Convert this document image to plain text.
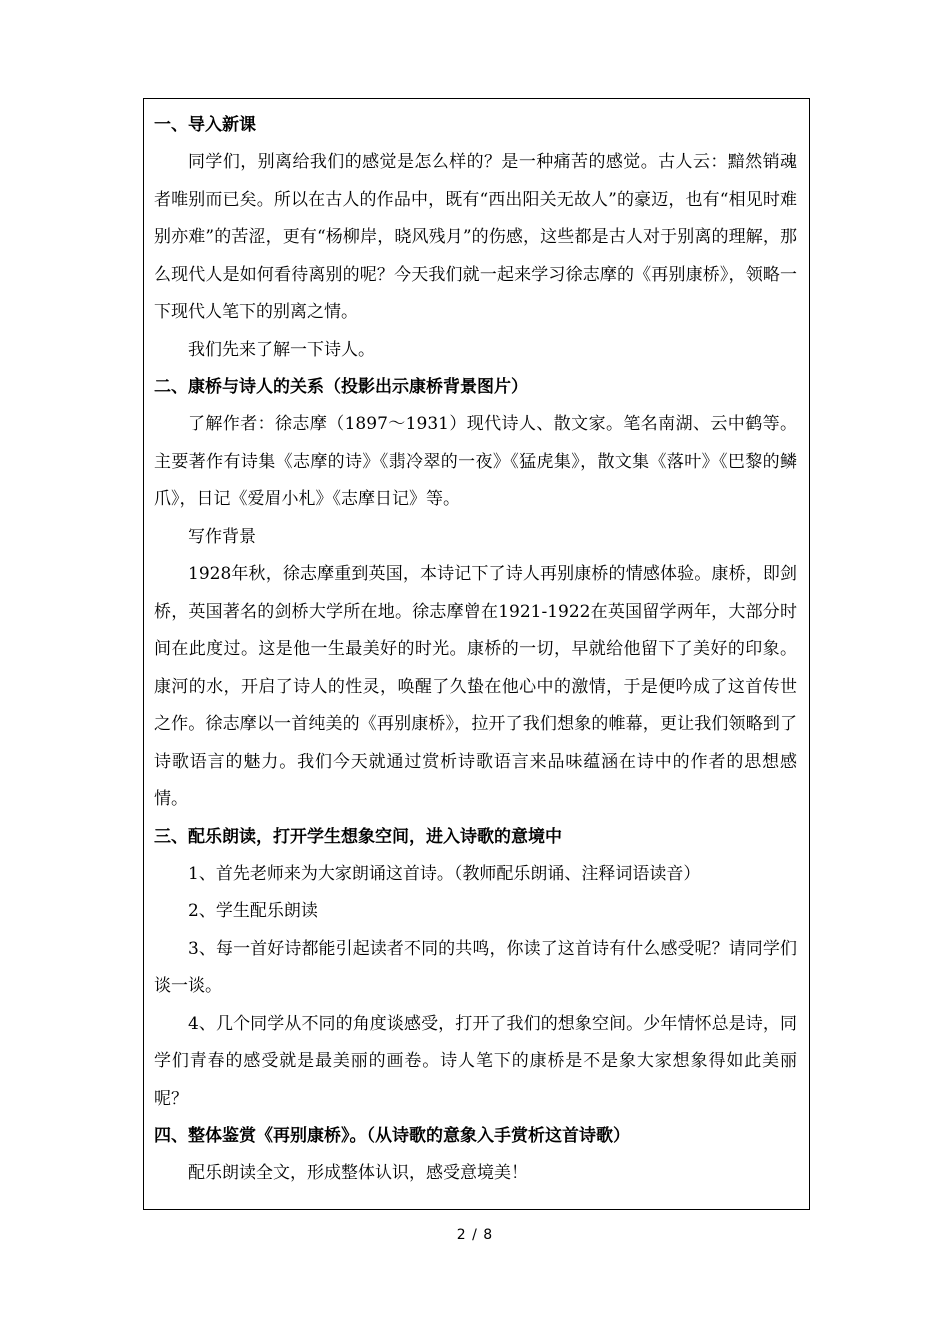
一、导入新课

同学们，别离给我们的感觉是怎么样的？是一种痛苦的感觉。古人云：黯然销魂者唯别而已矣。所以在古人的作品中，既有“西出阳关无故人”的豪迈，也有“相见时难别亦难”的苦涩，更有“杨柳岸，晓风残月”的伤感，这些都是古人对于别离的理解，那么现代人是如何看待离别的呢？今天我们就一起来学习徐志摩的《再别康桥》，领略一下现代人笔下的别离之情。

我们先来了解一下诗人。

二、康桥与诗人的关系（投影出示康桥背景图片）

了解作者：徐志摩（1897～1931）现代诗人、散文家。笔名南湖、云中鹤等。主要著作有诗集《志摩的诗》《翡冷翠的一夜》《猛虎集》，散文集《落叶》《巴黎的鳞爪》，日记《爱眉小札》《志摩日记》等。

写作背景

1928年秋，徐志摩重到英国，本诗记下了诗人再别康桥的情感体验。康桥，即剑桥，英国著名的剑桥大学所在地。徐志摩曾在1921-1922在英国留学两年，大部分时间在此度过。这是他一生最美好的时光。康桥的一切，早就给他留下了美好的印象。康河的水，开启了诗人的性灵，唤醒了久蛰在他心中的激情，于是便吟成了这首传世之作。徐志摩以一首纯美的《再别康桥》，拉开了我们想象的帷幕，更让我们领略到了诗歌语言的魅力。我们今天就通过赏析诗歌语言来品味蕴涵在诗中的作者的思想感情。

三、配乐朗读，打开学生想象空间，进入诗歌的意境中

1、首先老师来为大家朗诵这首诗。（教师配乐朗诵、注释词语读音）

2、学生配乐朗读

3、每一首好诗都能引起读者不同的共鸣，你读了这首诗有什么感受呢？请同学们谈一谈。

4、几个同学从不同的角度谈感受，打开了我们的想象空间。少年情怀总是诗，同学们青春的感受就是最美丽的画卷。诗人笔下的康桥是不是象大家想象得如此美丽呢？

四、整体鉴赏《再别康桥》。（从诗歌的意象入手赏析这首诗歌）

配乐朗读全文，形成整体认识，感受意境美！

2 / 8
